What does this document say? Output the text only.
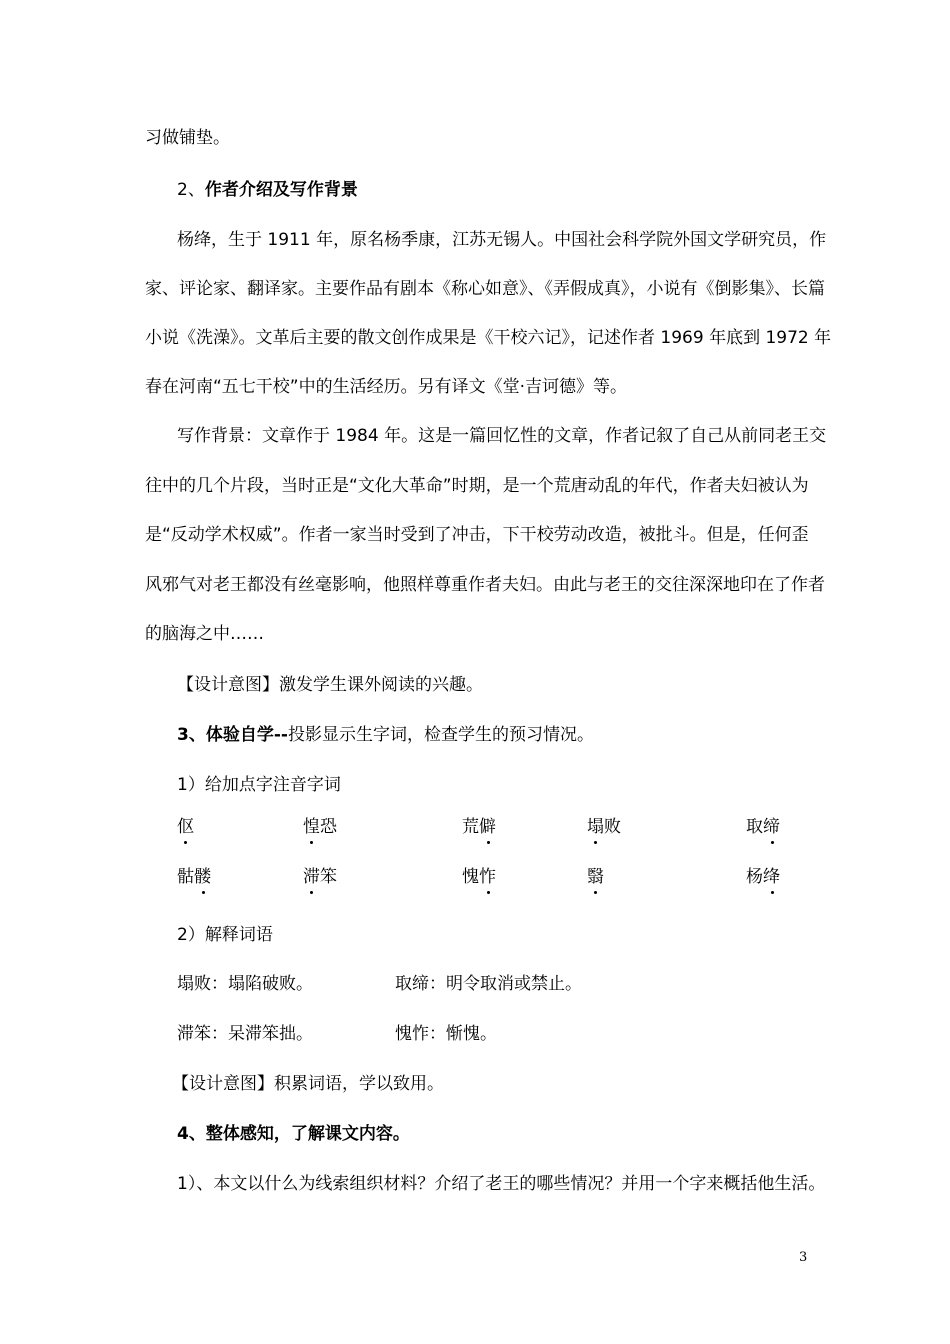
习做铺垫。
2、作者介绍及写作背景
杨绛，生于 1911 年，原名杨季康，江苏无锡人。中国社会科学院外国文学研究员，作
家、评论家、翻译家。主要作品有剧本《称心如意》、《弄假成真》，小说有《倒影集》、长篇
小说《洗澡》。文革后主要的散文创作成果是《干校六记》，记述作者 1969 年底到 1972 年
春在河南“五七干校”中的生活经历。另有译文《堂·吉诃德》等。
写作背景：文章作于 1984 年。这是一篇回忆性的文章，作者记叙了自己从前同老王交
往中的几个片段，当时正是“文化大革命”时期，是一个荒唐动乱的年代，作者夫妇被认为
是“反动学术权威”。作者一家当时受到了冲击，下干校劳动改造，被批斗。但是，任何歪
风邪气对老王都没有丝毫影响，他照样尊重作者夫妇。由此与老王的交往深深地印在了作者
的脑海之中……
【设计意图】激发学生课外阅读的兴趣。
3、体验自学--投影显示生字词，检查学生的预习情况。
1）给加点字注音字词
伛	惶恐	荒僻	塌败	取缔
骷髅	滞笨	愧怍	翳	杨绛
2）解释词语
塌败：塌陷破败。	取缔：明令取消或禁止。
滞笨：呆滞笨拙。	愧怍：惭愧。
【设计意图】积累词语，学以致用。
4、整体感知，了解课文内容。
1）、本文以什么为线索组织材料？介绍了老王的哪些情况？并用一个字来概括他生活。
3
